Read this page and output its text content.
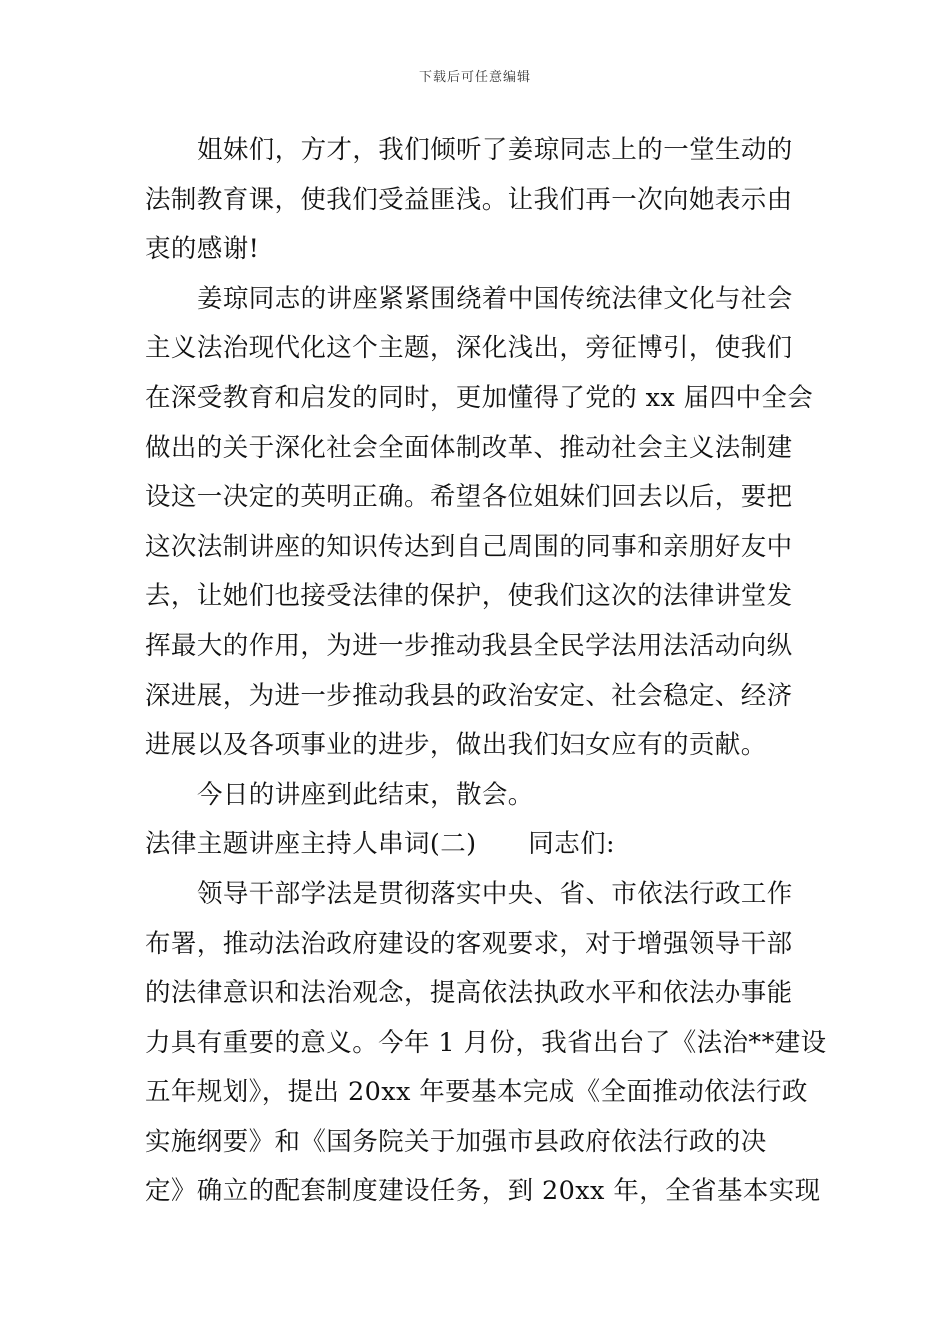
下载后可任意编辑
姐妹们，方才，我们倾听了姜琼同志上的一堂生动的
法制教育课，使我们受益匪浅。让我们再一次向她表示由
衷的感谢!
姜琼同志的讲座紧紧围绕着中国传统法律文化与社会
主义法治现代化这个主题，深化浅出，旁征博引，使我们
在深受教育和启发的同时，更加懂得了党的 xx 届四中全会
做出的关于深化社会全面体制改革、推动社会主义法制建
设这一决定的英明正确。希望各位姐妹们回去以后，要把
这次法制讲座的知识传达到自己周围的同事和亲朋好友中
去，让她们也接受法律的保护，使我们这次的法律讲堂发
挥最大的作用，为进一步推动我县全民学法用法活动向纵
深进展，为进一步推动我县的政治安定、社会稳定、经济
进展以及各项事业的进步，做出我们妇女应有的贡献。
今日的讲座到此结束，散会。
法律主题讲座主持人串词(二)　　同志们:
领导干部学法是贯彻落实中央、省、市依法行政工作
布署，推动法治政府建设的客观要求，对于增强领导干部
的法律意识和法治观念，提高依法执政水平和依法办事能
力具有重要的意义。今年 1 月份，我省出台了《法治**建设
五年规划》，提出 20xx 年要基本完成《全面推动依法行政
实施纲要》和《国务院关于加强市县政府依法行政的决
定》确立的配套制度建设任务，到 20xx 年，全省基本实现
